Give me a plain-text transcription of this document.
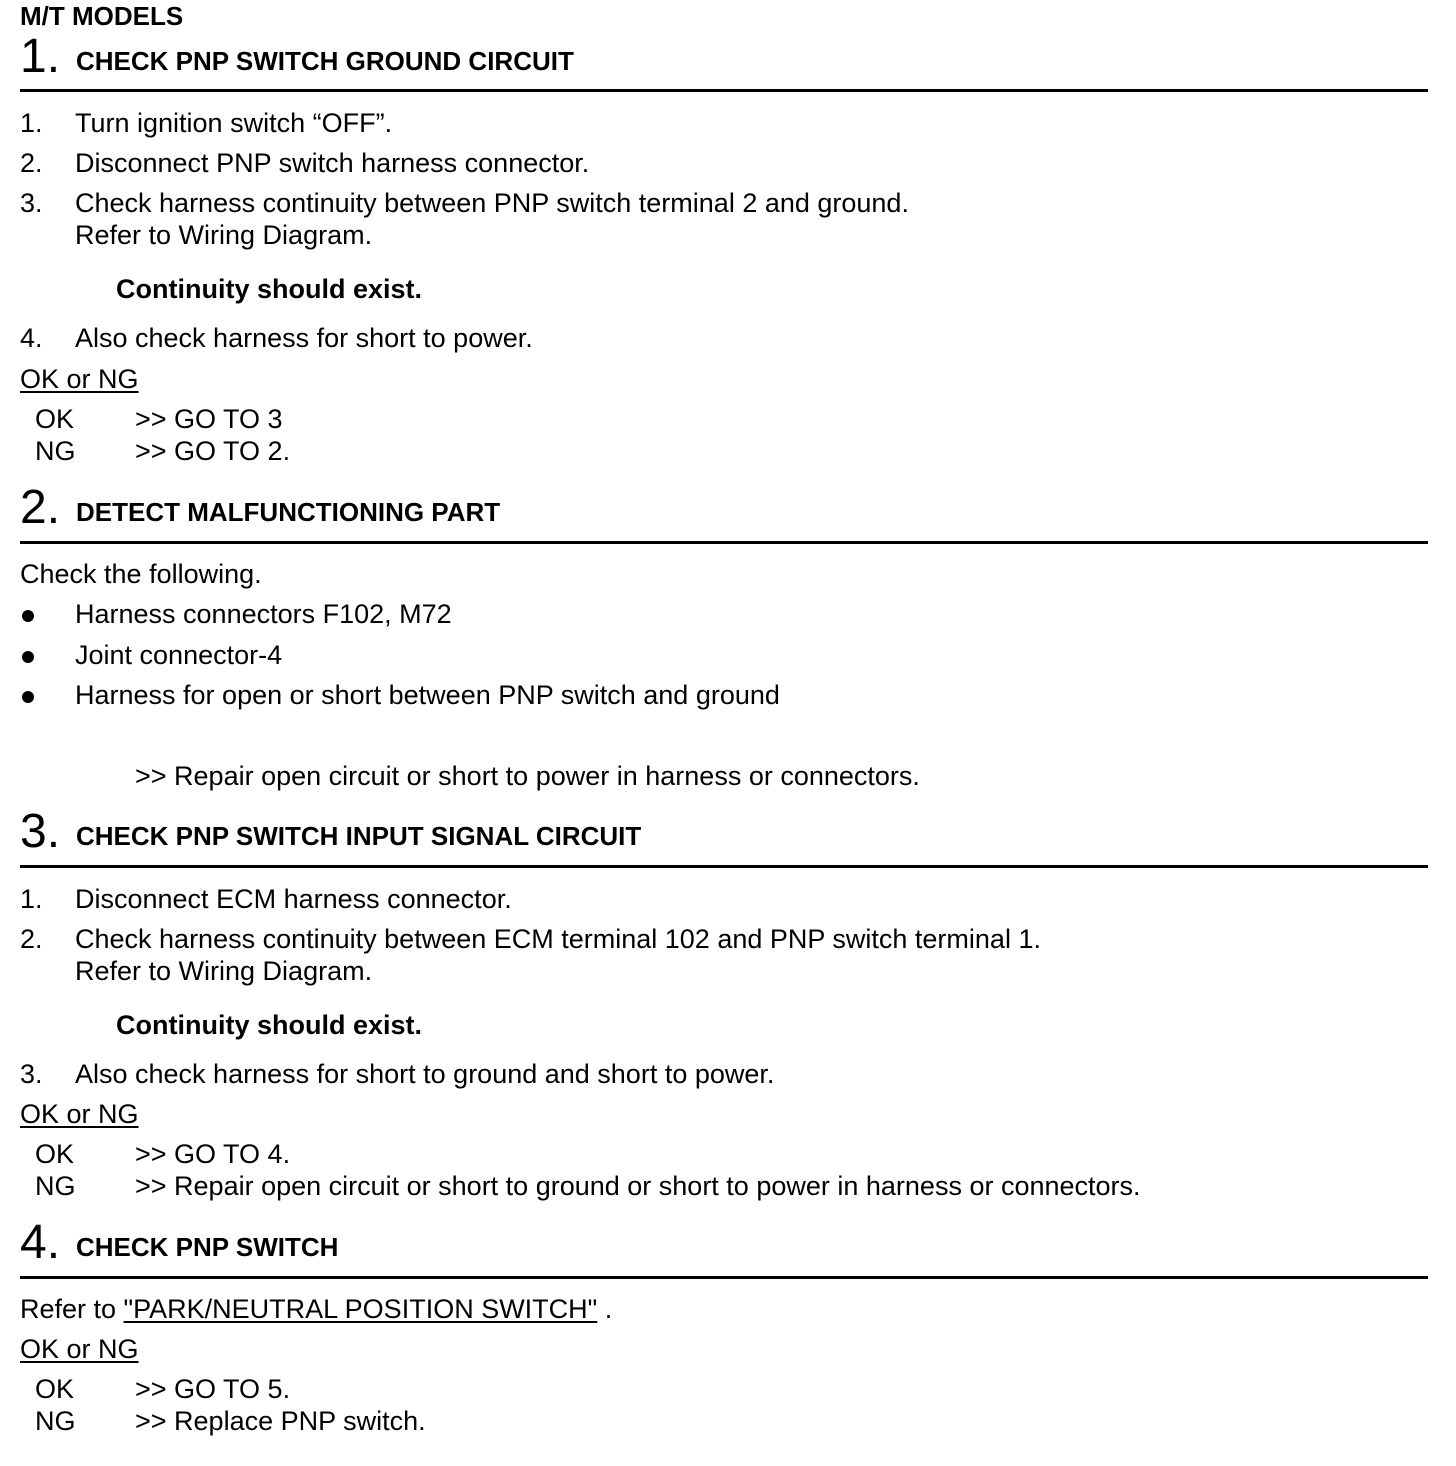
M/T MODELS
1. CHECK PNP SWITCH GROUND CIRCUIT
1. Turn ignition switch “OFF”.
2. Disconnect PNP switch harness connector.
3. Check harness continuity between PNP switch terminal 2 and ground.
Refer to Wiring Diagram.
Continuity should exist.
4. Also check harness for short to power.
OK or NG
OK >> GO TO 3
NG >> GO TO 2.
2. DETECT MALFUNCTIONING PART
Check the following.
Harness connectors F102, M72
Joint connector-4
Harness for open or short between PNP switch and ground
>> Repair open circuit or short to power in harness or connectors.
3. CHECK PNP SWITCH INPUT SIGNAL CIRCUIT
1. Disconnect ECM harness connector.
2. Check harness continuity between ECM terminal 102 and PNP switch terminal 1.
Refer to Wiring Diagram.
Continuity should exist.
3. Also check harness for short to ground and short to power.
OK or NG
OK >> GO TO 4.
NG >> Repair open circuit or short to ground or short to power in harness or connectors.
4. CHECK PNP SWITCH
Refer to "PARK/NEUTRAL POSITION SWITCH" .
OK or NG
OK >> GO TO 5.
NG >> Replace PNP switch.
